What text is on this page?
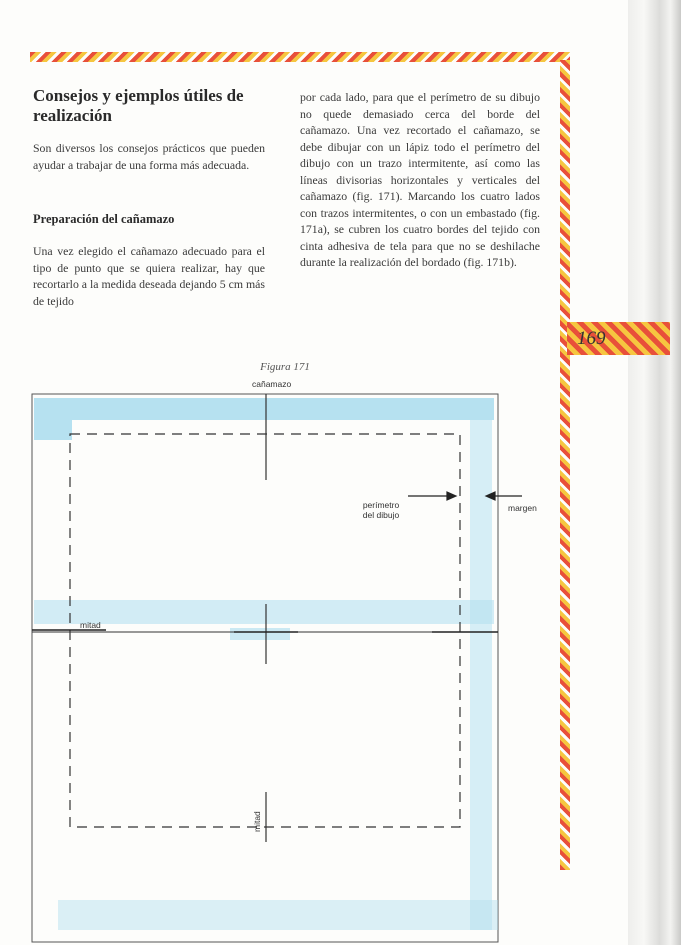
169
Consejos y ejemplos útiles de realización

Son diversos los consejos prácticos que pueden ayudar a trabajar de una forma más adecuada.

Preparación del cañamazo

Una vez elegido el cañamazo adecuado para el tipo de punto que se quiera realizar, hay que recortarlo a la medida deseada dejando 5 cm más de tejido

por cada lado, para que el perímetro de su dibujo no quede demasiado cerca del borde del cañamazo. Una vez recortado el cañamazo, se debe dibujar con un lápiz todo el perímetro del dibujo con un trazo intermitente, así como las líneas divisorias horizontales y verticales del cañamazo (fig. 171). Marcando los cuatro lados con trazos intermitentes, o con un embastado (fig. 171a), se cubren los cuatro bordes del tejido con cinta adhesiva de tela para que no se deshilache durante la realización del bordado (fig. 171b).

Figura 171
cañamazo
perímetro del dibujo
margen
mitad
mitad
